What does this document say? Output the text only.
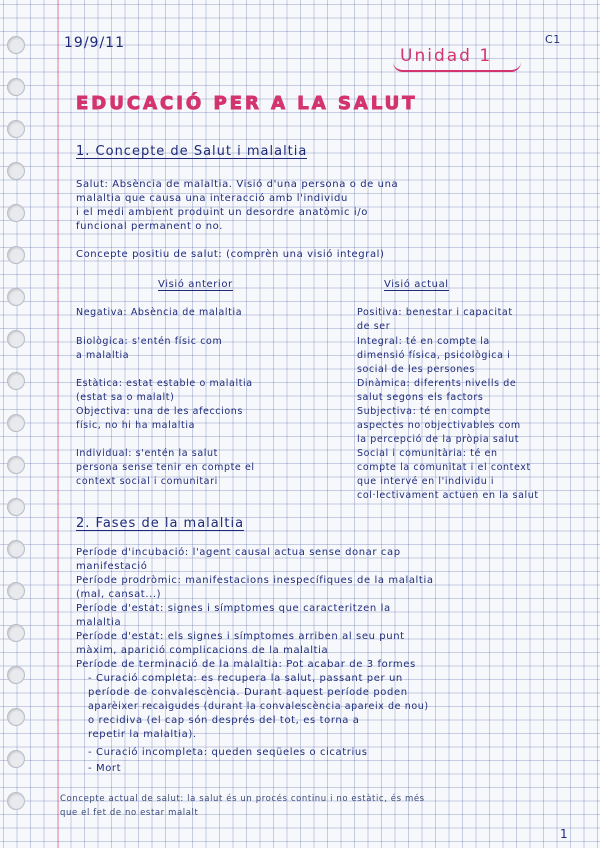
19/9/11	C1
Unidad 1
EDUCACIÓ PER A LA SALUT
1. Concepte de Salut i malaltia
Salut: Absència de malaltia. Visió d'una persona o de una
malaltia que causa una interacció amb l'individu
i el medi ambient produint un desordre anatòmic i/o
funcional permanent o no.
Concepte positiu de salut: (comprèn una visió integral)
Visió anterior	Visió actual
Negativa: Absència de malaltia
Biològica: s'entén físic com
a malaltia
Estàtica: estat estable o malaltia
(estat sa o malalt)
Objectiva: una de les afeccions
físic, no hi ha malaltia
Individual: s'entén la salut
persona sense tenir en compte el
context social i comunitari
Positiva: benestar i capacitat
de ser
Integral: té en compte la
dimensió física, psicològica i
social de les persones
Dinàmica: diferents nivells de
salut segons els factors
Subjectiva: té en compte
aspectes no objectivables com
la percepció de la pròpia salut
Social i comunitària: té en
compte la comunitat i el context
que intervé en l'individu i
col·lectivament actuen en la salut
2. Fases de la malaltia
Període d'incubació: l'agent causal actua sense donar cap
manifestació
Període prodròmic: manifestacions inespecífiques de la malaltia
(mal, cansat...)
Període d'estat: signes i símptomes que caracteritzen la
malaltia
Període d'estat: els signes i símptomes arriben al seu punt
màxim, aparició complicacions de la malaltia
Període de terminació de la malaltia: Pot acabar de 3 formes
- Curació completa: es recupera la salut, passant per un
període de convalescència. Durant aquest període poden
aparèixer recaigudes (durant la convalescència apareix de nou)
o recidiva (el cap són després del tot, es torna a
repetir la malaltia).
- Curació incompleta: queden seqüeles o cicatrius
- Mort
Concepte actual de salut: la salut és un procés continu i no estàtic, és més
que el fet de no estar malalt
1
